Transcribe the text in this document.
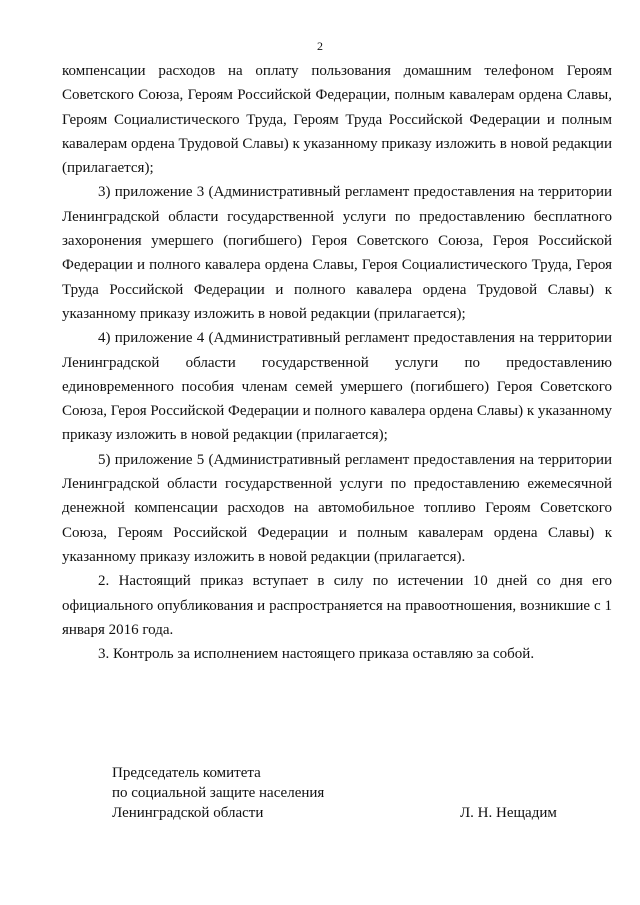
2

компенсации расходов на оплату пользования домашним телефоном Героям Советского Союза, Героям Российской Федерации, полным кавалерам ордена Славы, Героям Социалистического Труда, Героям Труда Российской Федерации и полным кавалерам ордена Трудовой Славы) к указанному приказу изложить в новой редакции (прилагается);

3) приложение 3 (Административный регламент предоставления на территории Ленинградской области государственной услуги по предоставлению бесплатного захоронения умершего (погибшего) Героя Советского Союза, Героя Российской Федерации и полного кавалера ордена Славы, Героя Социалистического Труда, Героя Труда Российской Федерации и полного кавалера ордена Трудовой Славы) к указанному приказу изложить в новой редакции (прилагается);

4) приложение 4 (Административный регламент предоставления на территории Ленинградской области государственной услуги по предоставлению единовременного пособия членам семей умершего (погибшего) Героя Советского Союза, Героя Российской Федерации и полного кавалера ордена Славы) к указанному приказу изложить в новой редакции (прилагается);

5) приложение 5 (Административный регламент предоставления на территории Ленинградской области государственной услуги по предоставлению ежемесячной денежной компенсации расходов на автомобильное топливо Героям Советского Союза, Героям Российской Федерации и полным кавалерам ордена Славы) к указанному приказу изложить в новой редакции (прилагается).

2. Настоящий приказ вступает в силу по истечении 10 дней со дня его официального опубликования и распространяется на правоотношения, возникшие с 1 января 2016 года.

3. Контроль за исполнением настоящего приказа оставляю за собой.

Председатель комитета
по социальной защите населения
Ленинградской области	Л. Н. Нещадим
